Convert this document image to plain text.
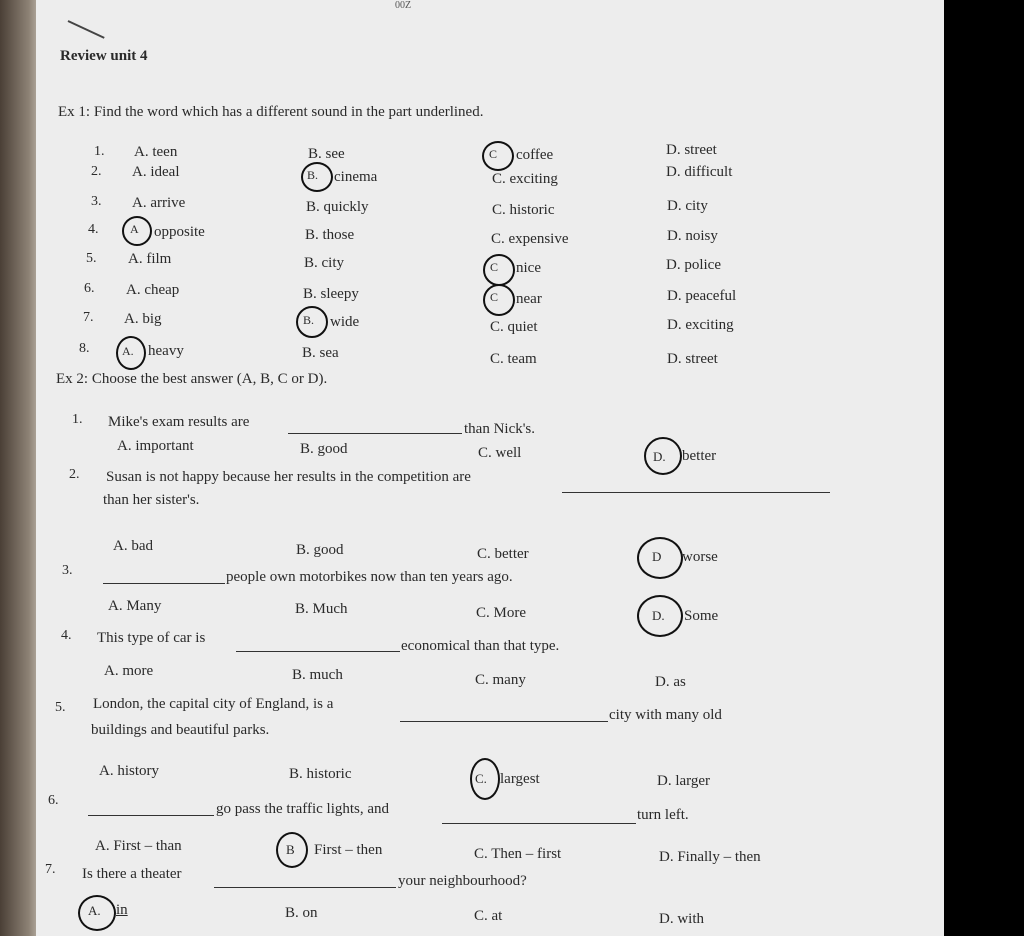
00Z
Review unit 4
Ex 1: Find the word which has a different sound in the part underlined.
1. A. teen	B. see	C coffee	D. street
2. A. ideal	B. cinema	C. exciting	D. difficult
3. A. arrive	B. quickly	C. historic	D. city
4.	A opposite	B. those	C. expensive	D. noisy
5. A. film	B. city	C nice	D. police
6. A. cheap	B. sleepy	C near	D. peaceful
7. A. big	B. wide	C. quiet	D. exciting
8.	A. heavy	B. sea	C. team	D. street
Ex 2: Choose the best answer (A, B, C or D).
1. Mike's exam results are	than Nick's.
A. important	B. good	C. well	D. better
2. Susan is not happy because her results in the competition are
than her sister's.
A. bad	B. good	C. better	D worse
3.	people own motorbikes now than ten years ago.
A. Many	B. Much	C. More	D. Some
4. This type of car is	economical than that type.
A. more	B. much	C. many	D. as
5. London, the capital city of England, is a
city with many old
buildings and beautiful parks.
A. history	B. historic	C. largest	D. larger
6.
go pass the traffic lights, and	turn left.
A. First – than	B First – then	C. Then – first	D. Finally – then
7. Is there a theater	your neighbourhood?
A. in	B. on	C. at	D. with
